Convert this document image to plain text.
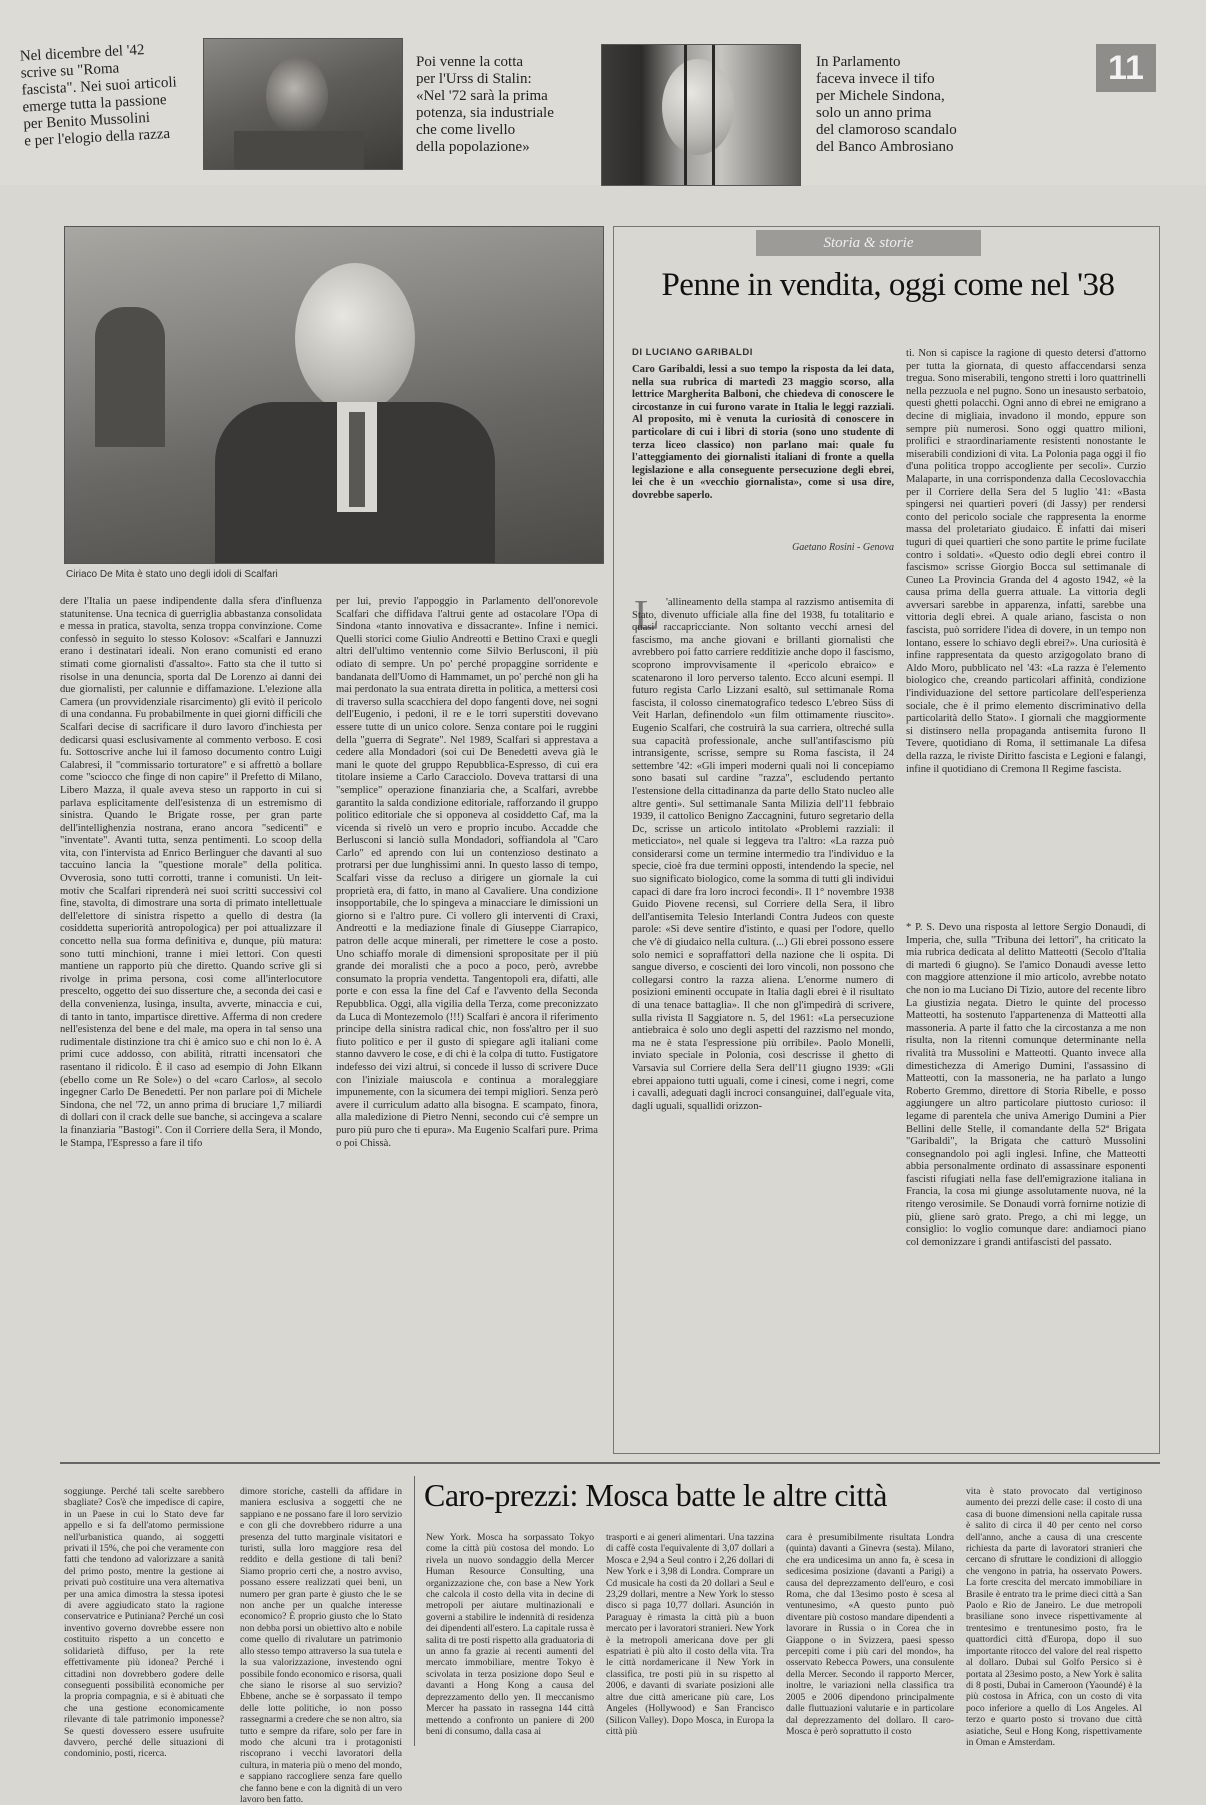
Nel dicembre del '42
scrive su "Roma
fascista". Nei suoi articoli
emerge tutta la passione
per Benito Mussolini
e per l'elogio della razza
Poi venne la cotta
per l'Urss di Stalin:
«Nel '72 sarà la prima
potenza, sia industriale
che come livello
della popolazione»
In Parlamento
faceva invece il tifo
per Michele Sindona,
solo un anno prima
del clamoroso scandalo
del Banco Ambrosiano
11
Ciriaco De Mita è stato uno degli idoli di Scalfari
dere l'Italia un paese indipendente dalla sfera d'influenza statunitense. Una tecnica di guerriglia abbastanza consolidata e messa in pratica, stavolta, senza troppa convinzione. Come confessò in seguito lo stesso Kolosov: «Scalfari e Jannuzzi erano i destinatari ideali. Non erano comunisti ed erano stimati come giornalisti d'assalto». Fatto sta che il tutto si risolse in una denuncia, sporta dal De Lorenzo ai danni dei due giornalisti, per calunnie e diffamazione. L'elezione alla Camera (un provvidenziale risarcimento) gli evitò il pericolo di una condanna. Fu probabilmente in quei giorni difficili che Scalfari decise di sacrificare il duro lavoro d'inchiesta per dedicarsi quasi esclusivamente al commento verboso. E così fu. Sottoscrive anche lui il famoso documento contro Luigi Calabresi, il "commissario torturatore" e si affrettò a bollare come "sciocco che finge di non capire" il Prefetto di Milano, Libero Mazza, il quale aveva steso un rapporto in cui si parlava esplicitamente dell'esistenza di un estremismo di sinistra. Quando le Brigate rosse, per gran parte dell'intellighenzia nostrana, erano ancora "sedicenti" e "inventate". Avanti tutta, senza pentimenti. Lo scoop della vita, con l'intervista ad Enrico Berlinguer che davanti al suo taccuino lancia la "questione morale" della politica. Ovverosia, sono tutti corrotti, tranne i comunisti. Un leit-motiv che Scalfari riprenderà nei suoi scritti successivi col fine, stavolta, di dimostrare una sorta di primato intellettuale dell'elettore di sinistra rispetto a quello di destra (la cosiddetta superiorità antropologica) per poi attualizzare il concetto nella sua forma definitiva e, dunque, più matura: sono tutti minchioni, tranne i miei lettori. Con questi mantiene un rapporto più che diretto. Quando scrive gli si rivolge in prima persona, così come all'interlocutore prescelto, oggetto dei suo disserture che, a seconda dei casi e della convenienza, lusinga, insulta, avverte, minaccia e cui, di tanto in tanto, impartisce direttive. Afferma di non credere nell'esistenza del bene e del male, ma opera in tal senso una rudimentale distinzione tra chi è amico suo e chi non lo è. A primi cuce addosso, con abilità, ritratti incensatori che rasentano il ridicolo. È il caso ad esempio di John Elkann (ebello come un Re Sole») o del «caro Carlos», al secolo ingegner Carlo De Benedetti. Per non parlare poi di Michele Sindona, che nel '72, un anno prima di bruciare 1,7 miliardi di dollari con il crack delle sue banche, si accingeva a scalare la finanziaria "Bastogi". Con il Corriere della Sera, il Mondo, le Stampa, l'Espresso a fare il tifo
per lui, previo l'appoggio in Parlamento dell'onorevole Scalfari che diffidava l'altrui gente ad ostacolare l'Opa di Sindona «tanto innovativa e dissacrante». Infine i nemici. Quelli storici come Giulio Andreotti e Bettino Craxi e quegli altri dell'ultimo ventennio come Silvio Berlusconi, il più odiato di sempre. Un po' perché propaggine sorridente e bandanata dell'Uomo di Hammamet, un po' perché non gli ha mai perdonato la sua entrata diretta in politica, a mettersi così di traverso sulla scacchiera del dopo fangenti dove, nei sogni dell'Eugenio, i pedoni, il re e le torri superstiti dovevano essere tutte di un unico colore. Senza contare poi le ruggini della "guerra di Segrate". Nel 1989, Scalfari si apprestava a cedere alla Mondadori (soi cui De Benedetti aveva già le mani le quote del gruppo Repubblica-Espresso, di cui era titolare insieme a Carlo Caracciolo. Doveva trattarsi di una "semplice" operazione finanziaria che, a Scalfari, avrebbe garantito la salda condizione editoriale, rafforzando il gruppo politico editoriale che si opponeva al cosiddetto Caf, ma la vicenda si rivelò un vero e proprio incubo. Accadde che Berlusconi si lanciò sulla Mondadori, soffiandola al "Caro Carlo" ed aprendo con lui un contenzioso destinato a protrarsi per due lunghissimi anni. In questo lasso di tempo, Scalfari visse da recluso a dirigere un giornale la cui proprietà era, di fatto, in mano al Cavaliere. Una condizione insopportabile, che lo spingeva a minacciare le dimissioni un giorno sì e l'altro pure. Ci vollero gli interventi di Craxi, Andreotti e la mediazione finale di Giuseppe Ciarrapico, patron delle acque minerali, per rimettere le cose a posto. Uno schiaffo morale di dimensioni spropositate per il più grande dei moralisti che a poco a poco, però, avrebbe consumato la propria vendetta. Tangentopoli era, difatti, alle porte e con essa la fine del Caf e l'avvento della Seconda Repubblica. Oggi, alla vigilia della Terza, come preconizzato da Luca di Montezemolo (!!!) Scalfari è ancora il riferimento principe della sinistra radical chic, non foss'altro per il suo fiuto politico e per il gusto di spiegare agli italiani come stanno davvero le cose, e di chi è la colpa di tutto. Fustigatore indefesso dei vizi altrui, si concede il lusso di scrivere Duce con l'iniziale maiuscola e continua a moraleggiare impunemente, con la sicumera dei tempi migliori. Senza però avere il curriculum adatto alla bisogna. E scampato, finora, alla maledizione di Pietro Nenni, secondo cui c'è sempre un puro più puro che ti epura». Ma Eugenio Scalfari pure. Prima o poi Chissà.
Storia & storie
Penne in vendita, oggi come nel '38
DI LUCIANO GARIBALDI
Caro Garibaldi, lessi a suo tempo la risposta da lei data, nella sua rubrica di martedì 23 maggio scorso, alla lettrice Margherita Balboni, che chiedeva di conoscere le circostanze in cui furono varate in Italia le leggi razziali. Al proposito, mi è venuta la curiosità di conoscere in particolare di cui i libri di storia (sono uno studente di terza liceo classico) non parlano mai: quale fu l'atteggiamento dei giornalisti italiani di fronte a quella legislazione e alla conseguente persecuzione degli ebrei, lei che è un «vecchio giornalista», come si usa dire, dovrebbe saperlo.
Gaetano Rosini - Genova
L 'allineamento della stampa al razzismo antisemita di Stato, divenuto ufficiale alla fine del 1938, fu totalitario e quasi raccapricciante. Non soltanto vecchi arnesi del fascismo, ma anche giovani e brillanti giornalisti che avrebbero poi fatto carriere redditizie anche dopo il fascismo, scoprono improvvisamente il «pericolo ebraico» e scatenarono il loro perverso talento. Ecco alcuni esempi. Il futuro regista Carlo Lizzani esaltò, sul settimanale Roma fascista, il colosso cinematografico tedesco L'ebreo Süss di Veit Harlan, definendolo «un film ottimamente riuscito». Eugenio Scalfari, che costruirà la sua carriera, oltreché sulla sua capacità professionale, anche sull'antifascismo più intransigente, scrisse, sempre su Roma fascista, il 24 settembre '42: «Gli imperi moderni quali noi li concepiamo sono basati sul cardine "razza", escludendo pertanto l'estensione della cittadinanza da parte dello Stato nucleo alle altre genti». Sul settimanale Santa Milizia dell'11 febbraio 1939, il cattolico Benigno Zaccagnini, futuro segretario della Dc, scrisse un articolo intitolato «Problemi razziali: il meticciato», nel quale si leggeva tra l'altro: «La razza può considerarsi come un termine intermedio tra l'individuo e la specie, cioè fra due termini opposti, intendendo la specie, nel suo significato biologico, come la somma di tutti gli individui capaci di dare fra loro incroci fecondi». Il 1° novembre 1938 Guido Piovene recensì, sul Corriere della Sera, il libro dell'antisemita Telesio Interlandi Contra Judeos con queste parole: «Si deve sentire d'istinto, e quasi per l'odore, quello che v'è di giudaico nella cultura. (...) Gli ebrei possono essere solo nemici e sopraffattori della nazione che li ospita. Di sangue diverso, e coscienti dei loro vincoli, non possono che collegarsi contro la razza aliena. L'enorme numero di posizioni eminenti occupate in Italia dagli ebrei è il risultato di una tenace battaglia». Il che non gl'impedirà di scrivere, sulla rivista Il Saggiatore n. 5, del 1961: «La persecuzione antiebraica è solo uno degli aspetti del razzismo nel mondo, ma ne è stata l'espressione più orribile». Paolo Monelli, inviato speciale in Polonia, così descrisse il ghetto di Varsavia sul Corriere della Sera dell'11 giugno 1939: «Gli ebrei appaiono tutti uguali, come i cinesi, come i negri, come i cavalli, adeguati dagli incroci consanguinei, dall'eguale vita, dagli uguali, squallidi orizzon-
ti. Non si capisce la ragione di questo detersi d'attorno per tutta la giornata, di questo affaccendarsi senza tregua. Sono miserabili, tengono stretti i loro quattrinelli nella pezzuola e nel pugno. Sono un inesausto serbatoio, questi ghetti polacchi. Ogni anno di ebrei ne emigrano a decine di migliaia, invadono il mondo, eppure son sempre più numerosi. Sono oggi quattro milioni, prolifici e straordinariamente resistenti nonostante le miserabili condizioni di vita. La Polonia paga oggi il fio d'una politica troppo accogliente per secoli». Curzio Malaparte, in una corrispondenza dalla Cecoslovacchia per il Corriere della Sera del 5 luglio '41: «Basta spingersi nei quartieri poveri (di Jassy) per rendersi conto del pericolo sociale che rappresenta la enorme massa del proletariato giudaico. È infatti dai miseri tuguri di quei quartieri che sono partite le prime fucilate contro i soldati». «Questo odio degli ebrei contro il fascismo» scrisse Giorgio Bocca sul settimanale di Cuneo La Provincia Granda del 4 agosto 1942, «è la causa prima della guerra attuale. La vittoria degli avversari sarebbe in apparenza, infatti, sarebbe una vittoria degli ebrei. A quale ariano, fascista o non fascista, può sorridere l'idea di dovere, in un tempo non lontano, essere lo schiavo degli ebrei?». Una curiosità è infine rappresentata da questo arzigogolato brano di Aldo Moro, pubblicato nel '43: «La razza è l'elemento biologico che, creando particolari affinità, condizione l'individuazione del settore particolare dell'esperienza sociale, che è il primo elemento discriminativo della particolarità dello Stato». I giornali che maggiormente si distinsero nella propaganda antisemita furono Il Tevere, quotidiano di Roma, il settimanale La difesa della razza, le riviste Diritto fascista e Legioni e falangi, infine il quotidiano di Cremona Il Regime fascista.
* P. S. Devo una risposta al lettore Sergio Donaudi, di Imperia, che, sulla "Tribuna dei lettori", ha criticato la mia rubrica dedicata al delitto Matteotti (Secolo d'Italia di martedì 6 giugno). Se l'amico Donaudi avesse letto con maggiore attenzione il mio articolo, avrebbe notato che non io ma Luciano Di Tizio, autore del recente libro La giustizia negata. Dietro le quinte del processo Matteotti, ha sostenuto l'appartenenza di Matteotti alla massoneria. A parte il fatto che la circostanza a me non risulta, non la ritenni comunque determinante nella rivalità tra Mussolini e Matteotti. Quanto invece alla dimestichezza di Amerigo Dumini, l'assassino di Matteotti, con la massoneria, ne ha parlato a lungo Roberto Gremmo, direttore di Storia Ribelle, e posso aggiungere un altro particolare piuttosto curioso: il legame di parentela che univa Amerigo Dumini a Pier Bellini delle Stelle, il comandante della 52ª Brigata "Garibaldi", la Brigata che catturò Mussolini consegnandolo poi agli inglesi. Infine, che Matteotti abbia personalmente ordinato di assassinare esponenti fascisti rifugiati nella fase dell'emigrazione italiana in Francia, la cosa mi giunge assolutamente nuova, né la ritengo verosimile. Se Donaudi vorrà fornirne notizie di più, gliene sarò grato. Prego, a chi mi legge, un consiglio: lo voglio comunque dare: andiamoci piano col demonizzare i grandi antifascisti del passato.
soggiunge. Perché tali scelte sarebbero sbagliate? Cos'è che impedisce di capire, in un Paese in cui lo Stato deve far appello e si fa dell'atomo permissione nell'urbanistica quando, ai soggetti privati il 15%, che poi che veramente con fatti che tendono ad valorizzare a sanità del primo posto, mentre la gestione ai privati può costituire una vera alternativa per una amica dimostra la stessa ipotesi di avere aggiudicato stato la ragione conservatrice e Putiniana? Perché un così inventivo governo dovrebbe essere non costituito rispetto a un concetto e solidarietà diffuso, per la rete effettivamente più idonea? Perché i cittadini non dovrebbero godere delle conseguenti possibilità economiche per la propria compagnia, e si è abituati che che una gestione economicamente rilevante di tale patrimonio imponesse? Se questi dovessero essere usufruite davvero, perché delle situazioni di condominio, posti, ricerca.
dimore storiche, castelli da affidare in maniera esclusiva a soggetti che ne sappiano e ne possano fare il loro servizio e con gli che dovrebbero ridurre a una presenza del tutto marginale visitatori e turisti, sulla loro maggiore resa del reddito e della gestione di tali beni? Siamo proprio certi che, a nostro avviso, possano essere realizzati quei beni, un numero per gran parte è giusto che le se non anche per un qualche interesse economico? È proprio giusto che lo Stato non debba porsi un obiettivo alto e nobile come quello di rivalutare un patrimonio allo stesso tempo attraverso la sua tutela e la sua valorizzazione, investendo ogni possibile fondo economico e risorsa, quali che siano le risorse al suo servizio? Ebbene, anche se è sorpassato il tempo delle lotte politiche, io non posso rassegnarmi a credere che se non altro, sia tutto e sempre da rifare, solo per fare in modo che alcuni tra i protagonisti riscoprano i vecchi lavoratori della cultura, in materia più o meno del mondo, e sappiano raccogliere senza fare quello che fanno bene e con la dignità di un vero lavoro ben fatto.
Caro-prezzi: Mosca batte le altre città
New York. Mosca ha sorpassato Tokyo come la città più costosa del mondo. Lo rivela un nuovo sondaggio della Mercer Human Resource Consulting, una organizzazione che, con base a New York che calcola il costo della vita in decine di metropoli per aiutare multinazionali e governi a stabilire le indennità di residenza dei dipendenti all'estero. La capitale russa è salita di tre posti rispetto alla graduatoria di un anno fa grazie ai recenti aumenti del mercato immobiliare, mentre Tokyo è scivolata in terza posizione dopo Seul e davanti a Hong Kong a causa del deprezzamento dello yen. Il meccanismo Mercer ha passato in rassegna 144 città mettendo a confronto un paniere di 200 beni di consumo, dalla casa ai
trasporti e ai generi alimentari. Una tazzina di caffè costa l'equivalente di 3,07 dollari a Mosca e 2,94 a Seul contro i 2,26 dollari di New York e i 3,98 di Londra. Comprare un Cd musicale ha costi da 20 dollari a Seul e 23,29 dollari, mentre a New York lo stesso disco si paga 10,77 dollari. Asunción in Paraguay è rimasta la città più a buon mercato per i lavoratori stranieri. New York è la metropoli americana dove per gli espatriati è più alto il costo della vita. Tra le città nordamericane il New York in classifica, tre posti più in su rispetto al 2006, e davanti di svariate posizioni alle altre due città americane più care, Los Angeles (Hollywood) e San Francisco (Silicon Valley). Dopo Mosca, in Europa la città più
cara è presumibilmente risultata Londra (quinta) davanti a Ginevra (sesta). Milano, che era undicesima un anno fa, è scesa in sedicesima posizione (davanti a Parigi) a causa del deprezzamento dell'euro, e così Roma, che dal 13esimo posto è scesa al ventunesimo, «A questo punto può diventare più costoso mandare dipendenti a lavorare in Russia o in Corea che in Giappone o in Svizzera, paesi spesso percepiti come i più cari del mondo», ha osservato Rebecca Powers, una consulente della Mercer. Secondo il rapporto Mercer, inoltre, le variazioni nella classifica tra 2005 e 2006 dipendono principalmente dalle fluttuazioni valutarie e in particolare dal deprezzamento del dollaro. Il caro-Mosca è però soprattutto il costo
vita è stato provocato dal vertiginoso aumento dei prezzi delle case: il costo di una casa di buone dimensioni nella capitale russa è salito di circa il 40 per cento nel corso dell'anno, anche a causa di una crescente richiesta da parte di lavoratori stranieri che cercano di sfruttare le condizioni di alloggio che vengono in patria, ha osservato Powers. La forte crescita del mercato immobiliare in Brasile è entrato tra le prime dieci città a San Paolo e Rio de Janeiro. Le due metropoli brasiliane sono invece rispettivamente al trentesimo e trentunesimo posto, fra le quattordici città d'Europa, dopo il suo importante ritocco del valore del real rispetto al dollaro. Dubai sul Golfo Persico si è portata al 23esimo posto, a New York è salita di 8 posti, Dubai in Cameroon (Yaoundé) è la più costosa in Africa, con un costo di vita poco inferiore a quello di Los Angeles. Al terzo e quarto posto si trovano due città asiatiche, Seul e Hong Kong, rispettivamente in Oman e Amsterdam.
